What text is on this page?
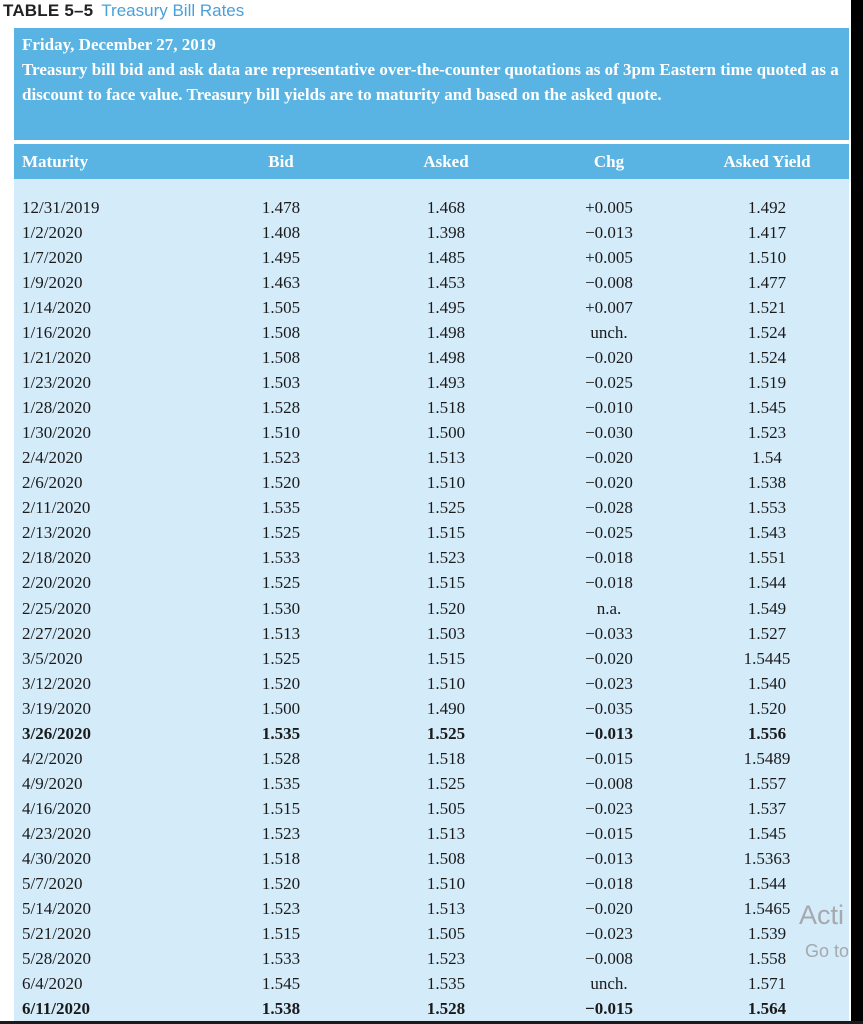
TABLE 5–5 Treasury Bill Rates
Friday, December 27, 2019
Treasury bill bid and ask data are representative over-the-counter quotations as of 3pm Eastern time quoted as a discount to face value. Treasury bill yields are to maturity and based on the asked quote.
Maturity	Bid	Asked	Chg	Asked Yield
12/31/2019	1.478	1.468	+0.005	1.492
1/2/2020	1.408	1.398	−0.013	1.417
1/7/2020	1.495	1.485	+0.005	1.510
1/9/2020	1.463	1.453	−0.008	1.477
1/14/2020	1.505	1.495	+0.007	1.521
1/16/2020	1.508	1.498	unch.	1.524
1/21/2020	1.508	1.498	−0.020	1.524
1/23/2020	1.503	1.493	−0.025	1.519
1/28/2020	1.528	1.518	−0.010	1.545
1/30/2020	1.510	1.500	−0.030	1.523
2/4/2020	1.523	1.513	−0.020	1.54
2/6/2020	1.520	1.510	−0.020	1.538
2/11/2020	1.535	1.525	−0.028	1.553
2/13/2020	1.525	1.515	−0.025	1.543
2/18/2020	1.533	1.523	−0.018	1.551
2/20/2020	1.525	1.515	−0.018	1.544
2/25/2020	1.530	1.520	n.a.	1.549
2/27/2020	1.513	1.503	−0.033	1.527
3/5/2020	1.525	1.515	−0.020	1.5445
3/12/2020	1.520	1.510	−0.023	1.540
3/19/2020	1.500	1.490	−0.035	1.520
3/26/2020	1.535	1.525	−0.013	1.556
4/2/2020	1.528	1.518	−0.015	1.5489
4/9/2020	1.535	1.525	−0.008	1.557
4/16/2020	1.515	1.505	−0.023	1.537
4/23/2020	1.523	1.513	−0.015	1.545
4/30/2020	1.518	1.508	−0.013	1.5363
5/7/2020	1.520	1.510	−0.018	1.544
5/14/2020	1.523	1.513	−0.020	1.5465
5/21/2020	1.515	1.505	−0.023	1.539
5/28/2020	1.533	1.523	−0.008	1.558
6/4/2020	1.545	1.535	unch.	1.571
6/11/2020	1.538	1.528	−0.015	1.564
Acti
Go to
